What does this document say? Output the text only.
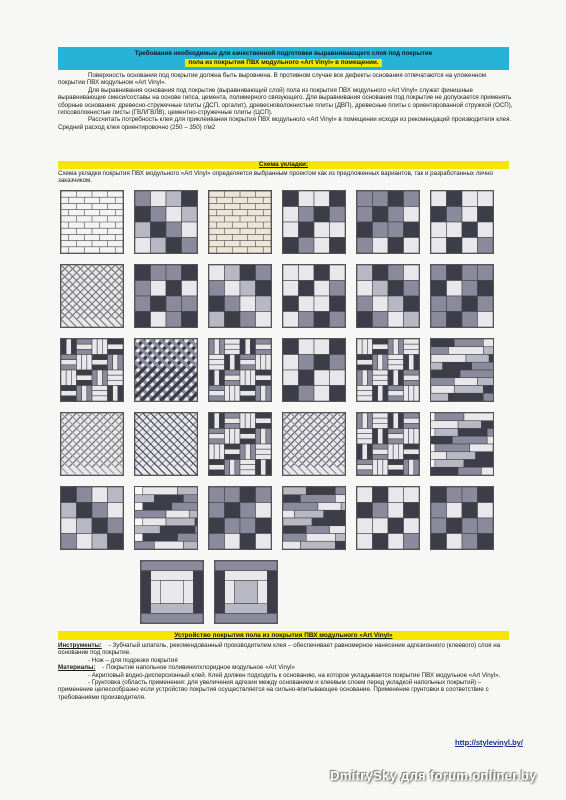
Требования необходимые для качественной подготовки выравнивающего слоя под покрытие
пола из покрытия ПВХ модульного «Art Vinyl» в помещении.
Поверхность основания под покрытие должна быть выровнена. В противном случае все дефекты основания отпечатаются на уложенном покрытии ПВХ модульном «Art Vinyl».
Для выравнивания основания под покрытие (выравнивающий слой) пола из покрытия ПВХ модульного «Art Vinyl» служат финишные выравнивающие смеси/составы на основе гипса, цемента, полимерного связующего. Для выравнивания основания под покрытие не допускается применять сборные основания: древесно-стружечные плиты (ДСП, оргалит), древесноволокнистые плиты (ДВП), древесные плиты с ориентированной стружкой (ОСП), гипсоволокнистые листы (ГВЛ/ГВЛВ), цементно-стружечные плиты (ЦСП).
Рассчитать потребность клея для приклеивания покрытия ПВХ модульного «Art Vinyl» в помещении исходя из рекомендаций производителя клея. Средний расход клея ориентировочно (250 – 350) г/м2
Схема укладки:
Схема укладки покрытия ПВХ модульного «Art Vinyl» определяется выбранным проектом как из предложенных вариантов, так и разработанных лично заказчиком.
Устройство покрытия пола из покрытия ПВХ модульного «Art Vinyl»
Инструменты: - Зубчатый шпатель, рекомендованный производителем клея – обеспечивает равномерное нанесение адгезионного (клеевого) слоя на основание под покрытие.
- Нож – для подрезки покрытия
Материалы: - Покрытие напольное поливинилхлоридное модульное «Art Vinyl»
- Акриловый водно-дисперсионный клей. Клей должен подходить к основанию, на которое укладывается покрытие ПВХ модульное «Art Vinyl».
- Грунтовка (область применения: для увеличения адгезии между основанием и клеевым слоем перед укладкой напольных покрытий) – применение целесообразно если устройство покрытия осуществляется на сильно-впитывающее основание. Применение грунтовки в соответствие с требованиями производителя.
http://stylevinyl.by/
DmitrySky для forum.onliner.by
